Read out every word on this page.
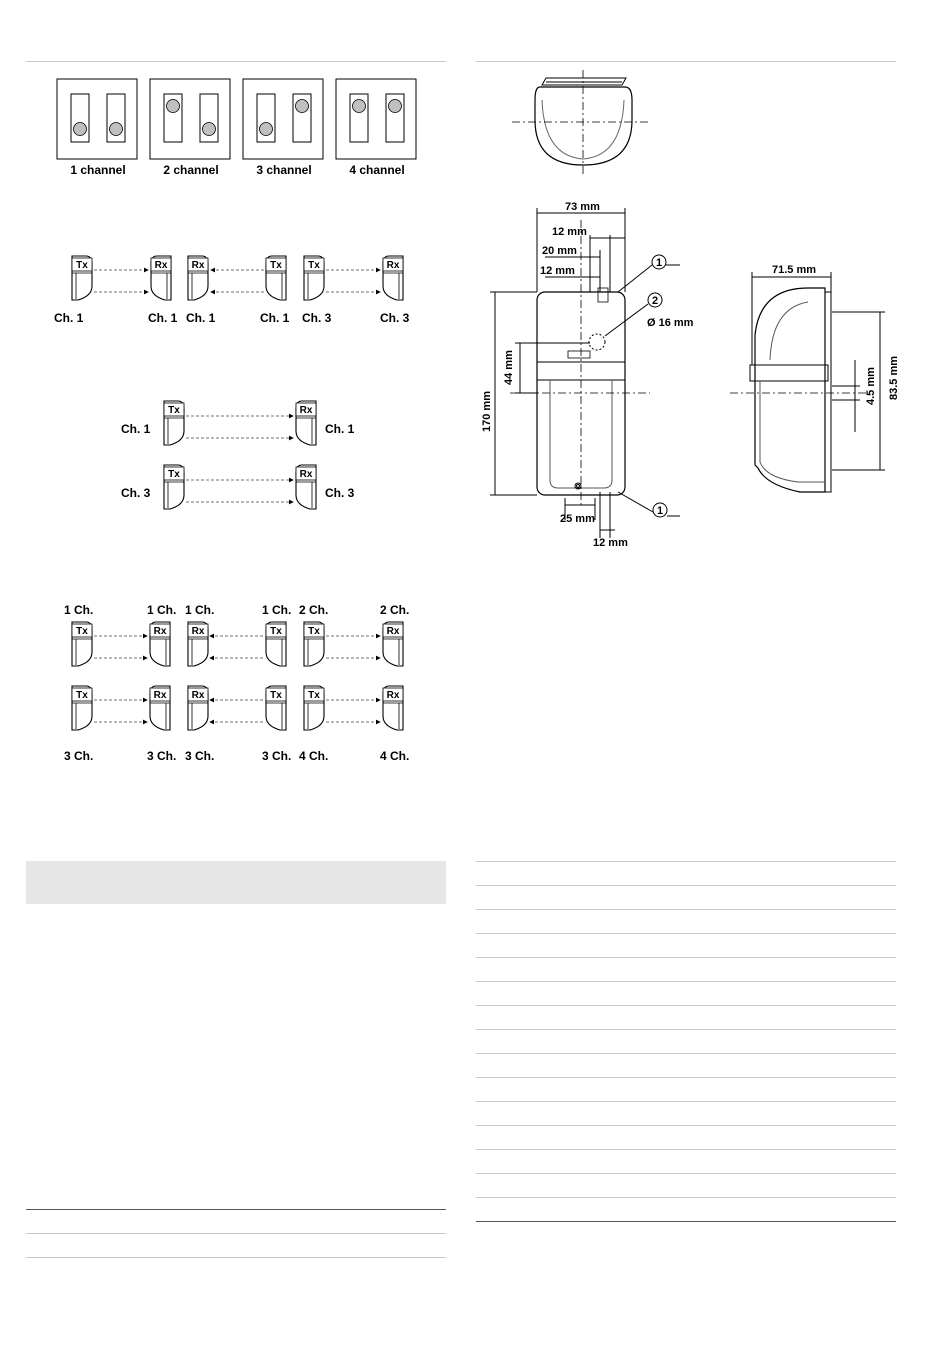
1 channel	2 channel	3 channel	4 channel
Tx	Rx Rx	Tx	Tx	Rx
Ch. 1	Ch. 1 Ch. 1	Ch. 1 Ch. 3	Ch. 3
Tx	Rx
Ch. 1	Ch. 1
Tx	Rx
Ch. 3	Ch. 3
Tx	Rx	Rx	Tx	Tx	Rx
Tx	Rx	Rx	Tx	Tx	Rx
1 Ch.	1 Ch. 1 Ch.	1 Ch. 2 Ch.	2 Ch.
3 Ch.	3 Ch. 3 Ch.	3 Ch. 4 Ch.	4 Ch.
73 mm
12 mm
20 mm
12 mm
44 mm
170 mm
Ø 16 mm
25 mm
12 mm
1
2
1
71.5 mm
83.5 mm
4.5 mm
